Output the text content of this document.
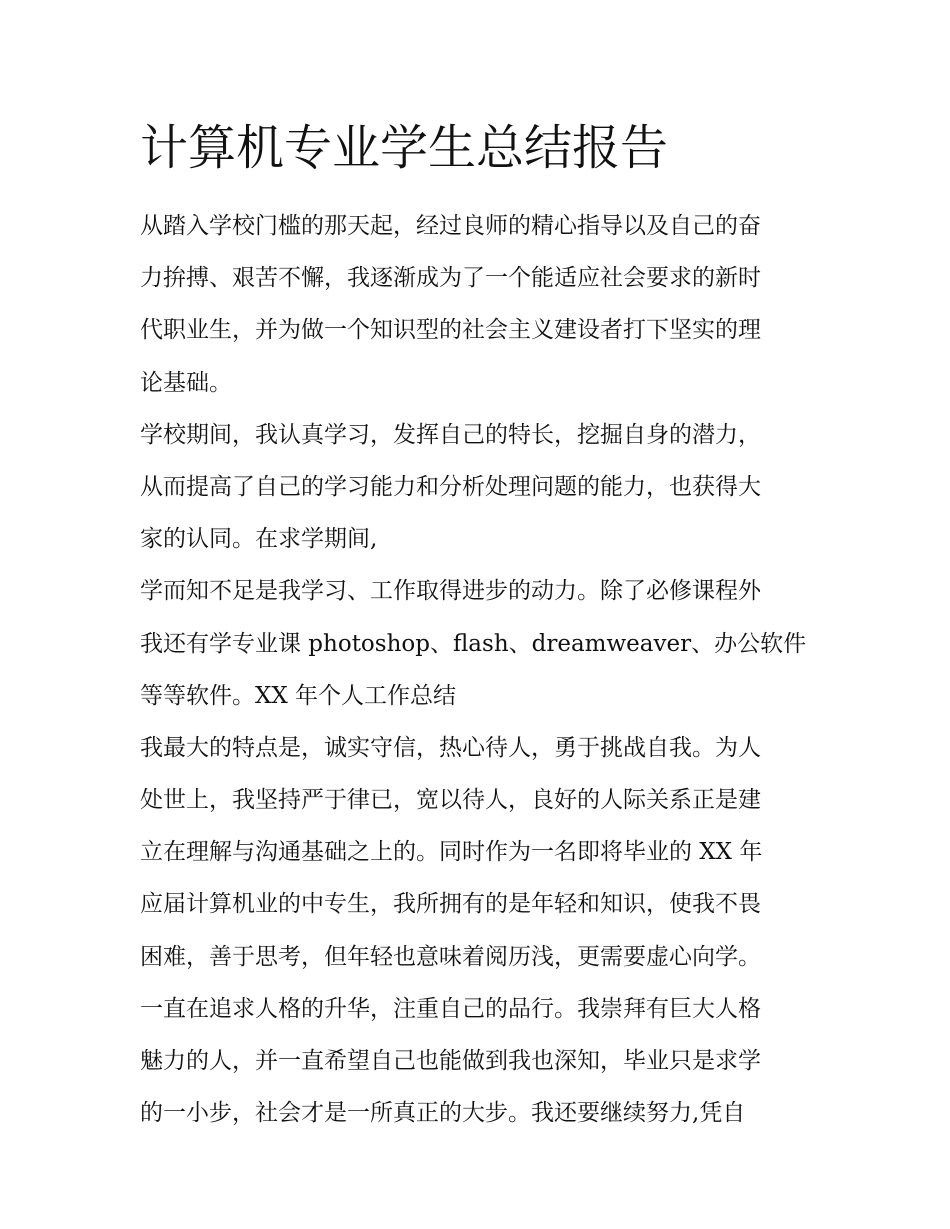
计算机专业学生总结报告
从踏入学校门槛的那天起，经过良师的精心指导以及自己的奋
力拚搏、艰苦不懈，我逐渐成为了一个能适应社会要求的新时
代职业生，并为做一个知识型的社会主义建设者打下坚实的理
论基础。
学校期间，我认真学习，发挥自己的特长，挖掘自身的潜力，
从而提高了自己的学习能力和分析处理问题的能力，也获得大
家的认同。在求学期间,
学而知不足是我学习、工作取得进步的动力。除了必修课程外
我还有学专业课 photoshop、flash、dreamweaver、办公软件
等等软件。XX 年个人工作总结
我最大的特点是，诚实守信，热心待人，勇于挑战自我。为人
处世上，我坚持严于律已，宽以待人，良好的人际关系正是建
立在理解与沟通基础之上的。同时作为一名即将毕业的 XX 年
应届计算机业的中专生，我所拥有的是年轻和知识，使我不畏
困难，善于思考，但年轻也意味着阅历浅，更需要虚心向学。
一直在追求人格的升华，注重自己的品行。我崇拜有巨大人格
魅力的人，并一直希望自己也能做到我也深知，毕业只是求学
的一小步，社会才是一所真正的大步。我还要继续努力,凭自
